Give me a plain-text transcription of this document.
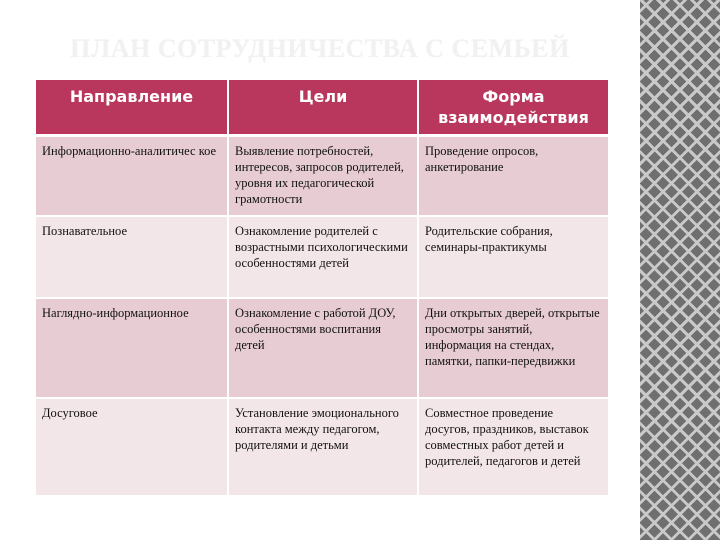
ПЛАН СОТРУДНИЧЕСТВА С СЕМЬЕЙ
Направление	Цели	Форма взаимодействия
Информационно-аналитичес кое	Выявление потребностей, интересов, запросов родителей, уровня их педагогической грамотности	Проведение опросов, анкетирование
Познавательное	Ознакомление родителей с возрастными психологическими особенностями детей	Родительские собрания, семинары-практикумы
Наглядно-информационное	Ознакомление с работой ДОУ, особенностями воспитания детей	Дни открытых дверей, открытые просмотры занятий, информация на стендах, памятки, папки-передвижки
Досуговое	Установление эмоционального контакта между педагогом, родителями и детьми	Совместное проведение досугов, праздников, выставок совместных работ детей и родителей, педагогов и детей
